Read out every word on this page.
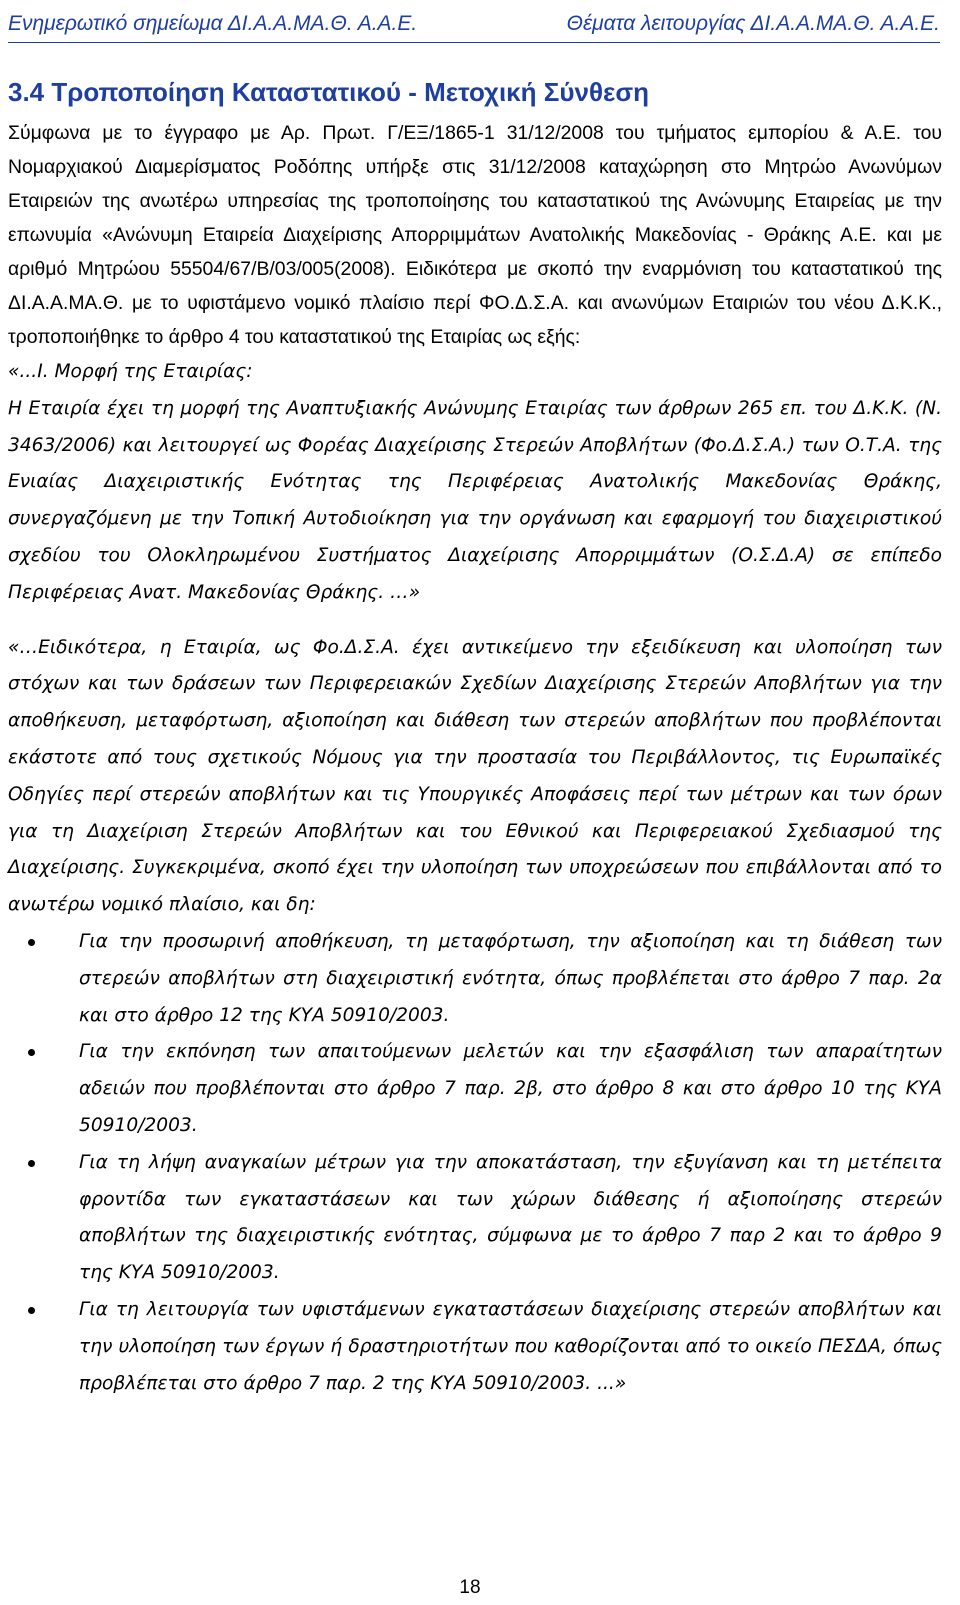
Ενημερωτικό σημείωμα ΔΙ.Α.Α.ΜΑ.Θ. Α.Α.Ε.	Θέματα λειτουργίας ΔΙ.Α.Α.ΜΑ.Θ. Α.Α.Ε.
3.4 Τροποποίηση Καταστατικού - Μετοχική Σύνθεση

Σύμφωνα με το έγγραφο με Αρ. Πρωτ. Γ/ΕΞ/1865-1 31/12/2008 του τμήματος εμπορίου & Α.Ε. του Νομαρχιακού Διαμερίσματος Ροδόπης υπήρξε στις 31/12/2008 καταχώρηση στο Μητρώο Ανωνύμων Εταιρειών της ανωτέρω υπηρεσίας της τροποποίησης του καταστατικού της Ανώνυμης Εταιρείας με την επωνυμία «Ανώνυμη Εταιρεία Διαχείρισης Απορριμμάτων Ανατολικής Μακεδονίας - Θράκης Α.Ε. και με αριθμό Μητρώου 55504/67/Β/03/005(2008). Ειδικότερα με σκοπό την εναρμόνιση του καταστατικού της ΔΙ.Α.Α.ΜΑ.Θ. με το υφιστάμενο νομικό πλαίσιο περί ΦΟ.Δ.Σ.Α. και ανωνύμων Εταιριών του νέου Δ.Κ.Κ., τροποποιήθηκε το άρθρο 4 του καταστατικού της Εταιρίας ως εξής:

«...Ι. Μορφή της Εταιρίας:

Η Εταιρία έχει τη μορφή της Αναπτυξιακής Ανώνυμης Εταιρίας των άρθρων 265 επ. του Δ.Κ.Κ. (Ν. 3463/2006) και λειτουργεί ως Φορέας Διαχείρισης Στερεών Αποβλήτων (Φο.Δ.Σ.Α.) των Ο.Τ.Α. της Ενιαίας Διαχειριστικής Ενότητας της Περιφέρειας Ανατολικής Μακεδονίας Θράκης, συνεργαζόμενη με την Τοπική Αυτοδιοίκηση για την οργάνωση και εφαρμογή του διαχειριστικού σχεδίου του Ολοκληρωμένου Συστήματος Διαχείρισης Απορριμμάτων (Ο.Σ.Δ.Α) σε επίπεδο Περιφέρειας Ανατ. Μακεδονίας Θράκης. …»

«…Ειδικότερα, η Εταιρία, ως Φο.Δ.Σ.Α. έχει αντικείμενο την εξειδίκευση και υλοποίηση των στόχων και των δράσεων των Περιφερειακών Σχεδίων Διαχείρισης Στερεών Αποβλήτων για την αποθήκευση, μεταφόρτωση, αξιοποίηση και διάθεση των στερεών αποβλήτων που προβλέπονται εκάστοτε από τους σχετικούς Νόμους για την προστασία του Περιβάλλοντος, τις Ευρωπαϊκές Οδηγίες περί στερεών αποβλήτων και τις Υπουργικές Αποφάσεις περί των μέτρων και των όρων για τη Διαχείριση Στερεών Αποβλήτων και του Εθνικού και Περιφερειακού Σχεδιασμού της Διαχείρισης. Συγκεκριμένα, σκοπό έχει την υλοποίηση των υποχρεώσεων που επιβάλλονται από το ανωτέρω νομικό πλαίσιο, και δη:

Για την προσωρινή αποθήκευση, τη μεταφόρτωση, την αξιοποίηση και τη διάθεση των στερεών αποβλήτων στη διαχειριστική ενότητα, όπως προβλέπεται στο άρθρο 7 παρ. 2α και στο άρθρο 12 της ΚΥΑ 50910/2003.
Για την εκπόνηση των απαιτούμενων μελετών και την εξασφάλιση των απαραίτητων αδειών που προβλέπονται στο άρθρο 7 παρ. 2β, στο άρθρο 8 και στο άρθρο 10 της ΚΥΑ 50910/2003.
Για τη λήψη αναγκαίων μέτρων για την αποκατάσταση, την εξυγίανση και τη μετέπειτα φροντίδα των εγκαταστάσεων και των χώρων διάθεσης ή αξιοποίησης στερεών αποβλήτων της διαχειριστικής ενότητας, σύμφωνα με το άρθρο 7 παρ 2 και το άρθρο 9 της ΚΥΑ 50910/2003.
Για τη λειτουργία των υφιστάμενων εγκαταστάσεων διαχείρισης στερεών αποβλήτων και την υλοποίηση των έργων ή δραστηριοτήτων που καθορίζονται από το οικείο ΠΕΣΔΑ, όπως προβλέπεται στο άρθρο 7 παρ. 2 της ΚΥΑ 50910/2003. ...»
18
